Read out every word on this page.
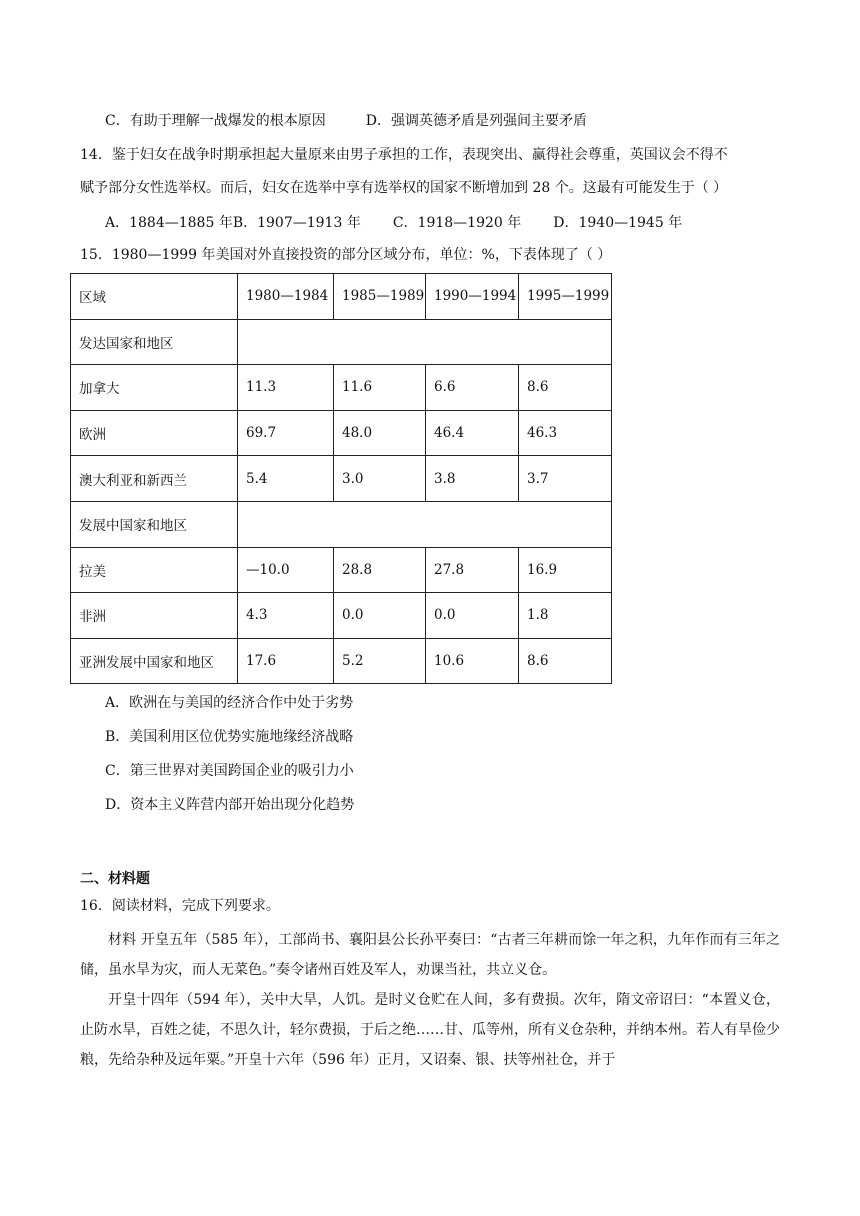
C．有助于理解一战爆发的根本原因	D．强调英德矛盾是列强间主要矛盾
14．鉴于妇女在战争时期承担起大量原来由男子承担的工作，表现突出、赢得社会尊重，英国议会不得不
赋予部分女性选举权。而后，妇女在选举中享有选举权的国家不断增加到 28 个。这最有可能发生于（ ）
A．1884—1885 年B．1907—1913 年 C．1918—1920 年 D．1940—1945 年
15．1980—1999 年美国对外直接投资的部分区域分布，单位：%，下表体现了（ ）
区域	1980—1984	1985—1989	1990—1994	1995—1999
发达国家和地区				
加拿大	11.3	11.6	6.6	8.6
欧洲	69.7	48.0	46.4	46.3
澳大利亚和新西兰	5.4	3.0	3.8	3.7
发展中国家和地区				
拉美	—10.0	28.8	27.8	16.9
非洲	4.3	0.0	0.0	1.8
亚洲发展中国家和地区	17.6	5.2	10.6	8.6
A．欧洲在与美国的经济合作中处于劣势
B．美国利用区位优势实施地缘经济战略
C．第三世界对美国跨国企业的吸引力小
D．资本主义阵营内部开始出现分化趋势
二、材料题
16．阅读材料，完成下列要求。

材料 开皇五年（585 年），工部尚书、襄阳县公长孙平奏曰：“古者三年耕而馀一年之积，九年作而有三年之储，虽水旱为灾，而人无菜色。”奏令诸州百姓及军人，劝课当社，共立义仓。

开皇十四年（594 年），关中大旱，人饥。是时义仓贮在人间，多有费损。次年，隋文帝诏曰：“本置义仓，止防水旱，百姓之徒，不思久计，轻尔费损，于后之绝……甘、瓜等州，所有义仓杂种，并纳本州。若人有旱俭少粮，先给杂种及远年粟。”开皇十六年（596 年）正月，又诏秦、银、扶等州社仓，并于
